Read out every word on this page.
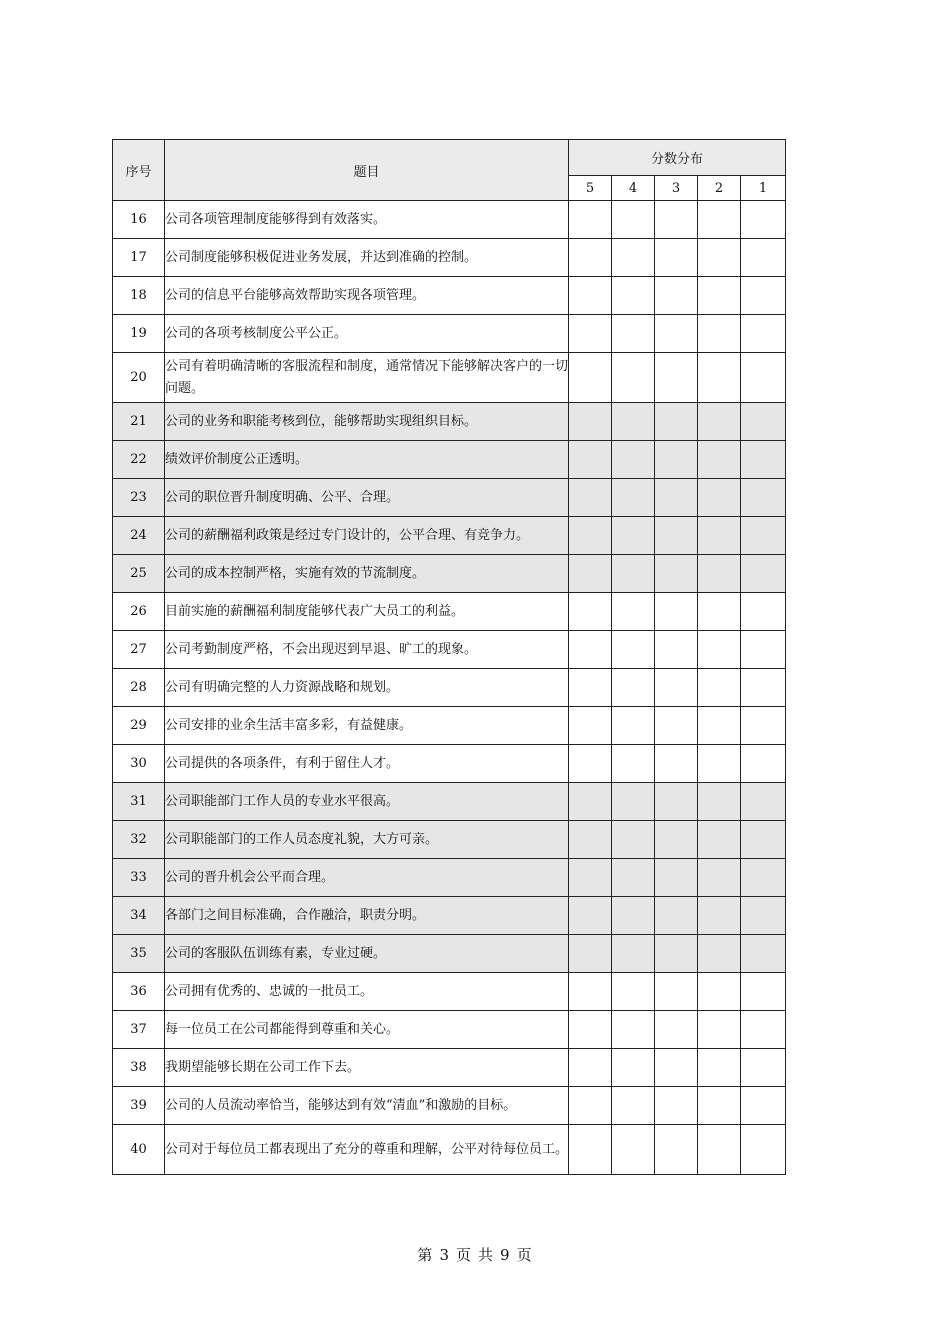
序号	题目	分数分布				
		5	4	3	2	1
16	公司各项管理制度能够得到有效落实。					
17	公司制度能够积极促进业务发展，并达到准确的控制。					
18	公司的信息平台能够高效帮助实现各项管理。					
19	公司的各项考核制度公平公正。					
20	公司有着明确清晰的客服流程和制度，通常情况下能够解决客户的一切问题。					
21	公司的业务和职能考核到位，能够帮助实现组织目标。					
22	绩效评价制度公正透明。					
23	公司的职位晋升制度明确、公平、合理。					
24	公司的薪酬福利政策是经过专门设计的，公平合理、有竞争力。					
25	公司的成本控制严格，实施有效的节流制度。					
26	目前实施的薪酬福利制度能够代表广大员工的利益。					
27	公司考勤制度严格，不会出现迟到早退、旷工的现象。					
28	公司有明确完整的人力资源战略和规划。					
29	公司安排的业余生活丰富多彩，有益健康。					
30	公司提供的各项条件，有利于留住人才。					
31	公司职能部门工作人员的专业水平很高。					
32	公司职能部门的工作人员态度礼貌，大方可亲。					
33	公司的晋升机会公平而合理。					
34	各部门之间目标准确，合作融洽，职责分明。					
35	公司的客服队伍训练有素，专业过硬。					
36	公司拥有优秀的、忠诚的一批员工。					
37	每一位员工在公司都能得到尊重和关心。					
38	我期望能够长期在公司工作下去。					
39	公司的人员流动率恰当，能够达到有效“清血”和激励的目标。					
40	公司对于每位员工都表现出了充分的尊重和理解，公平对待每位员工。					
第 3 页 共 9 页
